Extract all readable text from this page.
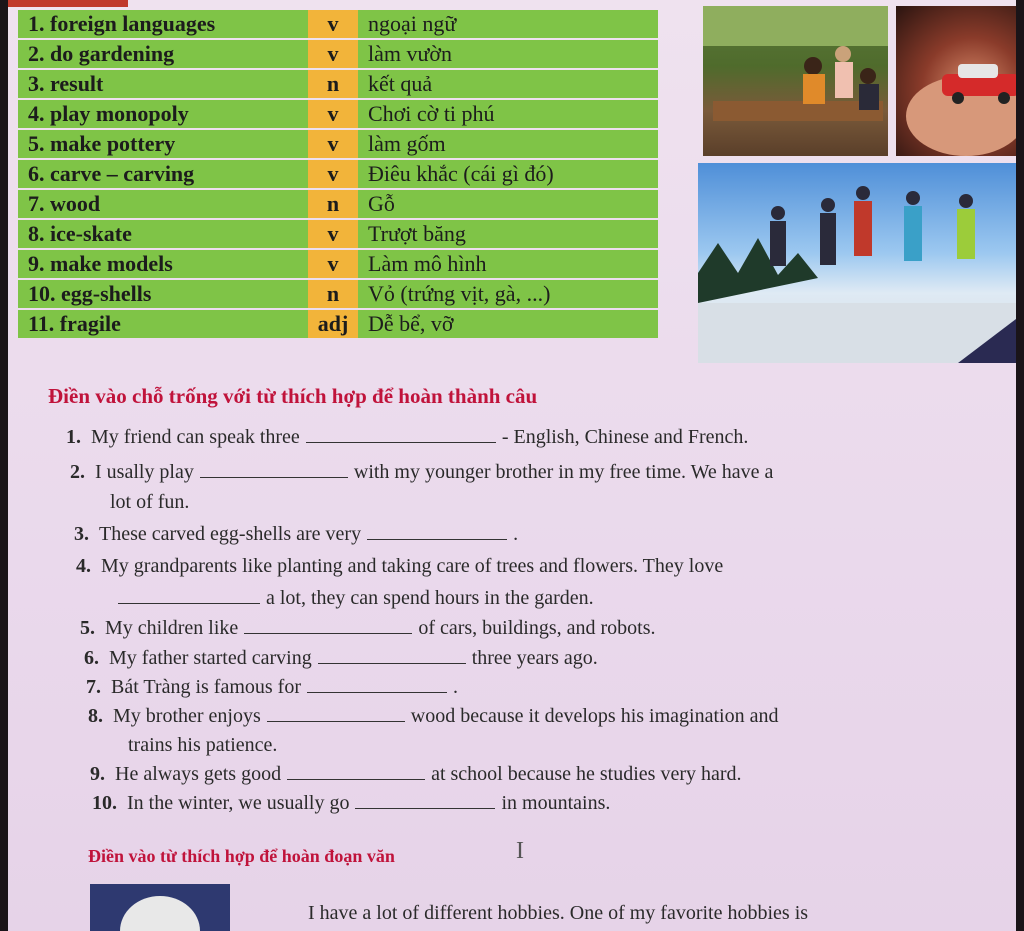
1. foreign languages	v	ngoại ngữ
2. do gardening	v	làm vườn
3. result	n	kết quả
4. play monopoly	v	Chơi cờ ti phú
5. make pottery	v	làm gốm
6. carve – carving	v	Điêu khắc (cái gì đó)
7. wood	n	Gỗ
8. ice-skate	v	Trượt băng
9. make models	v	Làm mô hình
10. egg-shells	n	Vỏ (trứng vịt, gà, ...)
11. fragile	adj	Dễ bể, vỡ
Điền vào chỗ trống với từ thích hợp để hoàn thành câu
1. My friend can speak three	- English, Chinese and French.
2. I usally play	with my younger brother in my free time. We have a
lot of fun.
3. These carved egg-shells are very	.
4. My grandparents like planting and taking care of trees and flowers. They love
a lot, they can spend hours in the garden.
5. My children like	of cars, buildings, and robots.
6. My father started carving	three years ago.
7. Bát Tràng is famous for	.
8. My brother enjoys	wood because it develops his imagination and
trains his patience.
9. He always gets good	at school because he studies very hard.
10. In the winter, we usually go	in mountains.
Điền vào từ thích hợp để hoàn đoạn văn	I
I have a lot of different hobbies. One of my favorite hobbies is
